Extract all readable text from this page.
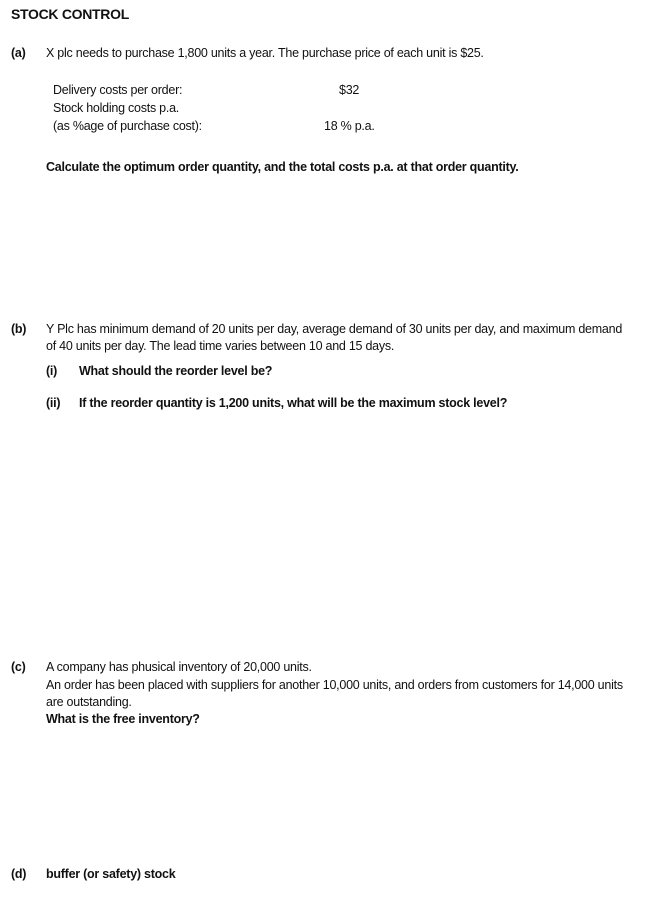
STOCK CONTROL
(a) X plc needs to purchase 1,800 units a year. The purchase price of each unit is $25.
Delivery costs per order:	$32
Stock holding costs p.a.
(as %age of purchase cost):	18 % p.a.
Calculate the optimum order quantity, and the total costs p.a. at that order quantity.
(b) Y Plc has minimum demand of 20 units per day, average demand of 30 units per day, and maximum demand
of 40 units per day. The lead time varies between 10 and 15 days.
(i) What should the reorder level be?
(ii) If the reorder quantity is 1,200 units, what will be the maximum stock level?
(c) A company has phusical inventory of 20,000 units.
An order has been placed with suppliers for another 10,000 units, and orders from customers for 14,000 units
are outstanding.
What is the free inventory?
(d) buffer (or safety) stock
